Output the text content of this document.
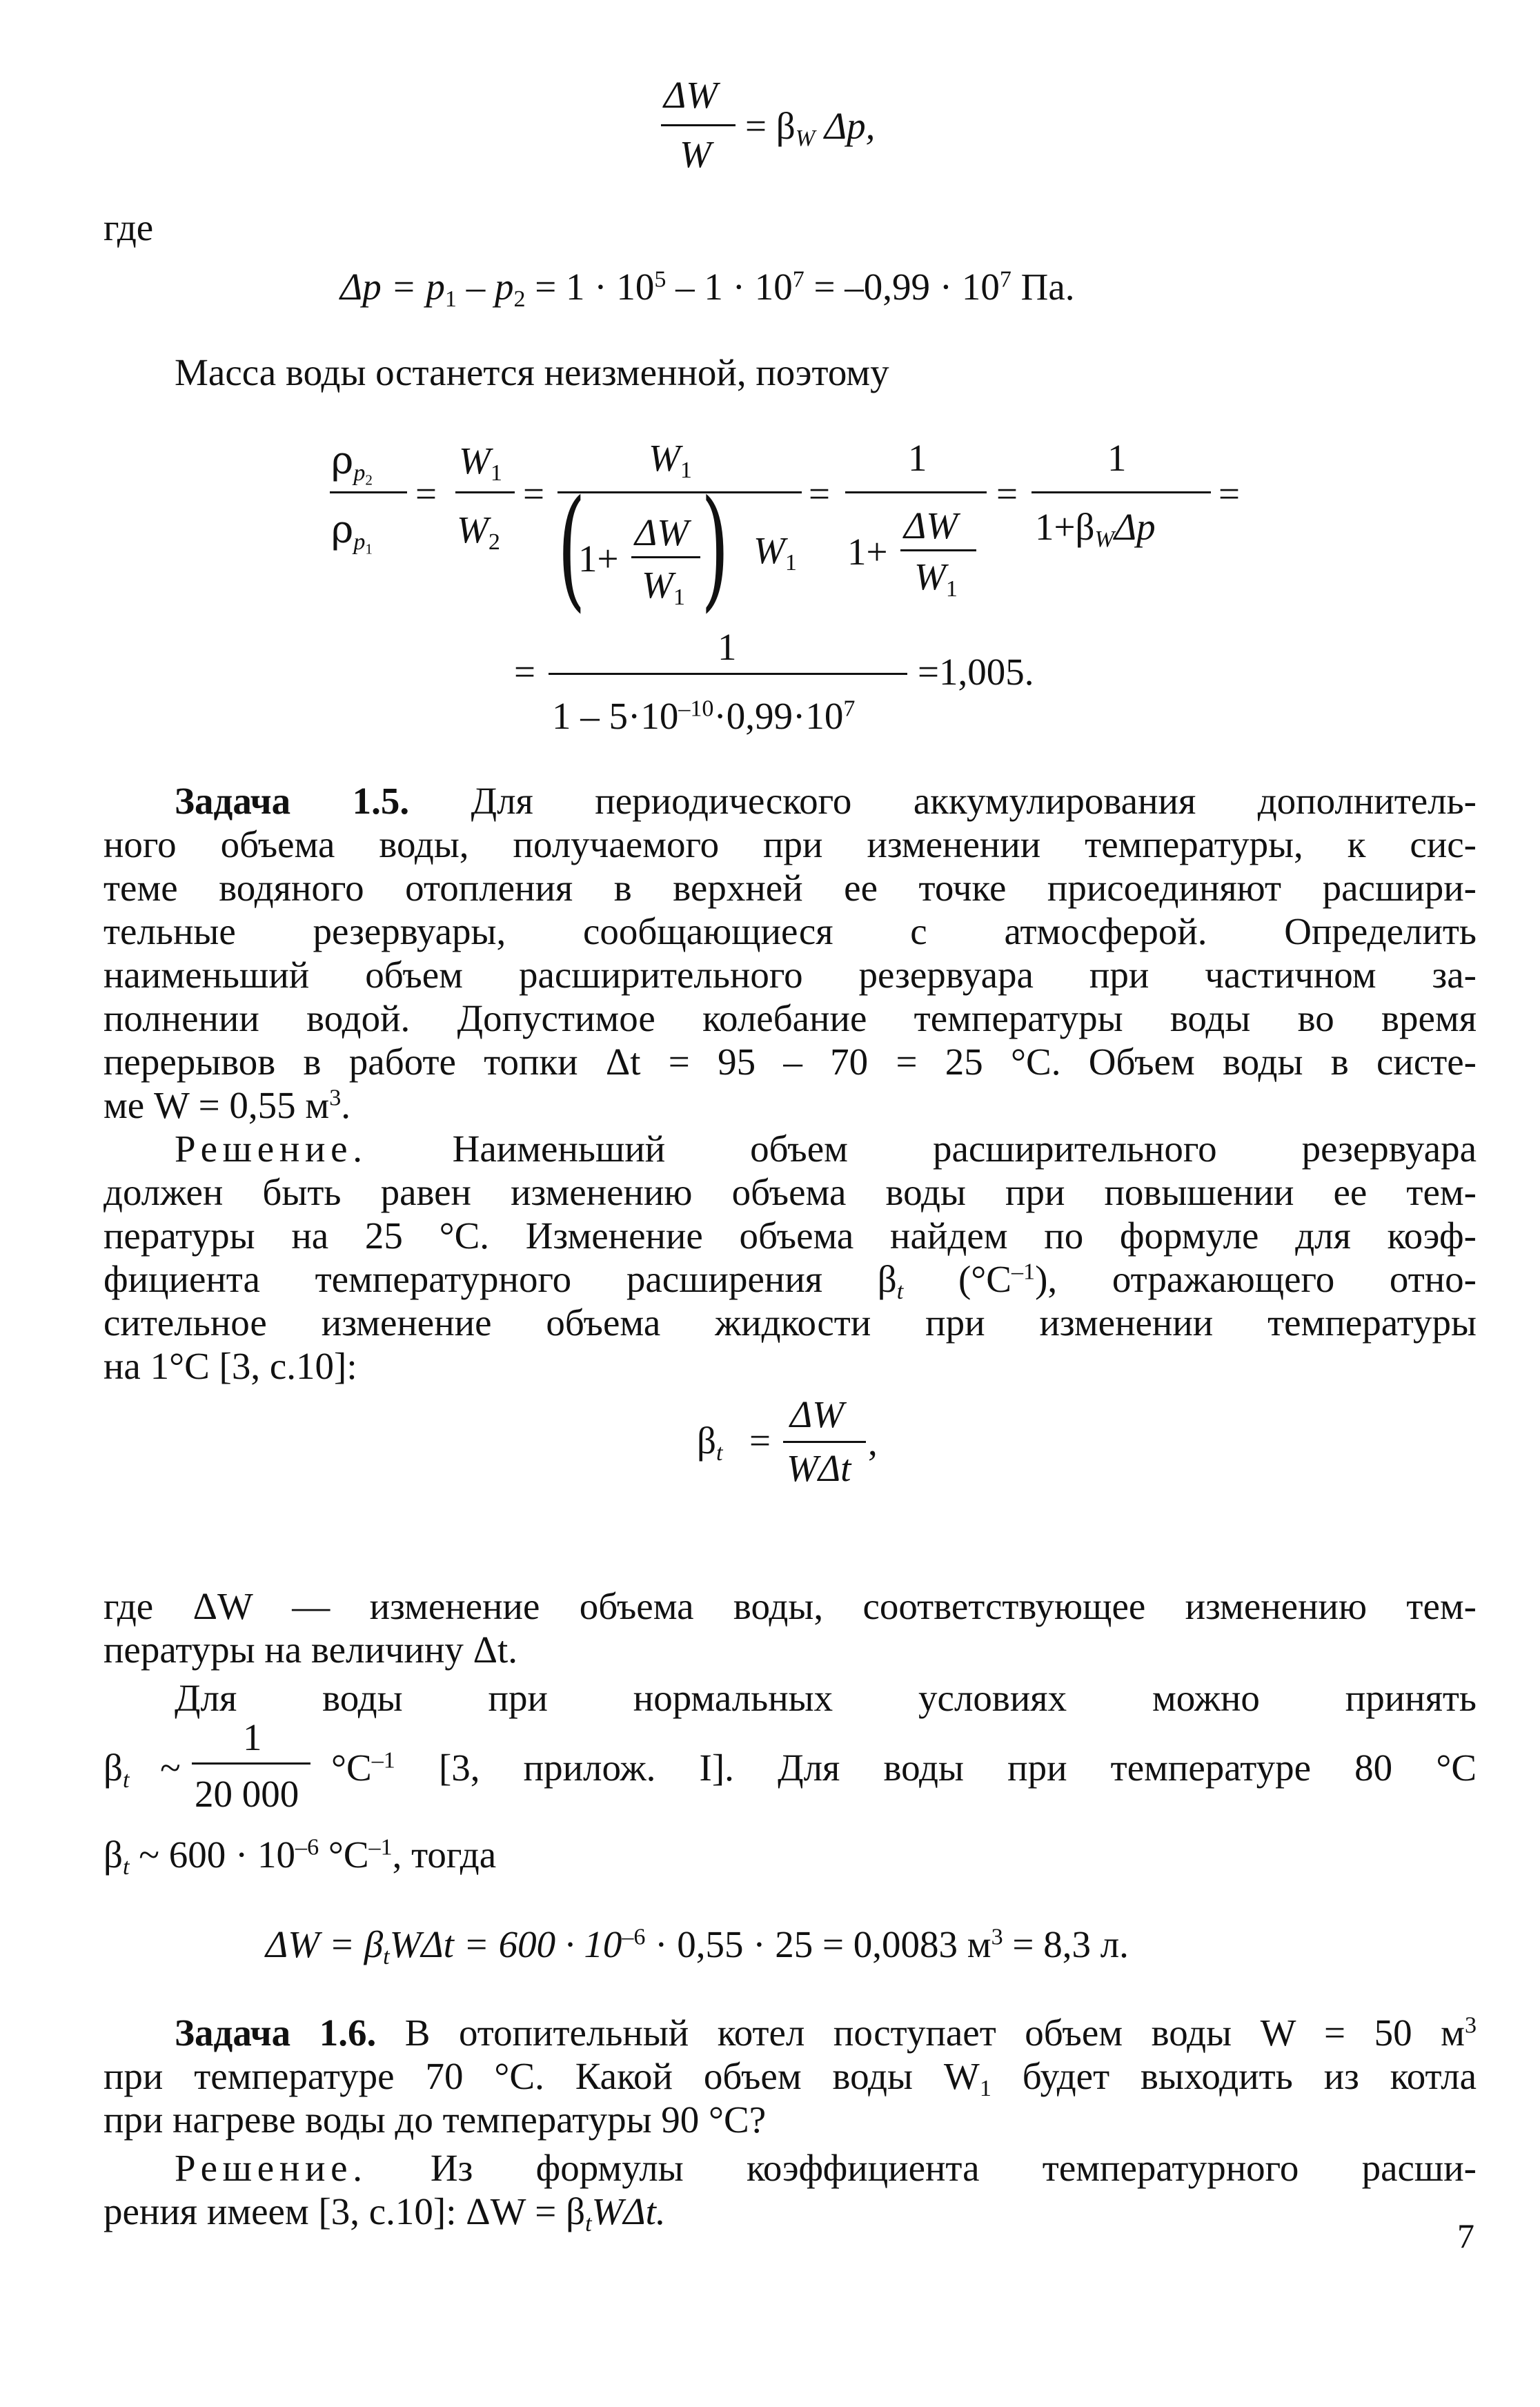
ΔW
W
= $\beta_W$ Δp,
где
$\Delta p = p_1 - p_2 = 1 \cdot 10^5 - 1 \cdot 10^7 = -0,99 \cdot 10^7$ Па.
Масса воды останется неизменной, поэтому
$\rho_{p_2}$
$\rho_{p_1}$
=
$W_1$
$W_2$
=
$W_1$
(
1+
ΔW
$W_1$ ) $W_1$
=
1
1+
ΔW
$W_1$
=
1
$1+\beta_W\Delta p$
=
=
1
$1 - 5\cdot 10^{-10}\cdot 0,99\cdot 10^7$
=1,005.
Задача 1.5. Для периодического аккумулирования дополнитель-
ного объема воды, получаемого при изменении температуры, к сис-
теме водяного отопления в верхней ее точке присоединяют расшири-
тельные резервуары, сообщающиеся с атмосферой. Определить
наименьший объем расширительного резервуара при частичном за-
полнении водой. Допустимое колебание температуры воды во время
перерывов в работе топки Δt = 95 – 70 = 25 °С. Объем воды в систе-
ме W = 0,55 $м^3$.
Решение. Наименьший объем расширительного резервуара
должен быть равен изменению объема воды при повышении ее тем-
пературы на 25 °С. Изменение объема найдем по формуле для коэф-
фициента температурного расширения $\beta_t$ $(^\circ С^{-1})$, отражающего отно-
сительное изменение объема жидкости при изменении температуры
на 1°С [3, с.10]:
$\beta_t$ =
ΔW
WΔt
,
где ΔW — изменение объема воды, соответствующее изменению тем-
пературы на величину Δt.
Для воды при нормальных условиях можно принять
$\beta_t$ ~
1
20 000
$^\circ С^{-1}$ [3, прилож. I]. Для воды при температуре 80 °С
$\beta_t$ ~ $600 \cdot 10^{-6}$ $^\circ С^{-1}$, тогда
$\Delta W = \beta_tW\Delta t = 600 \cdot 10^{-6} \cdot 0,55 \cdot 25 = 0,0083$ $м^3 = 8,3$ л.
Задача 1.6. В отопительный котел поступает объем воды W = 50 $м^3$
при температуре 70 °С. Какой объем воды $W_1$ будет выходить из котла
при нагреве воды до температуры 90 °С?
Решение. Из формулы коэффициента температурного расши-
рения имеем [3, с.10]: $\Delta W = \beta_tW\Delta t$.
7
